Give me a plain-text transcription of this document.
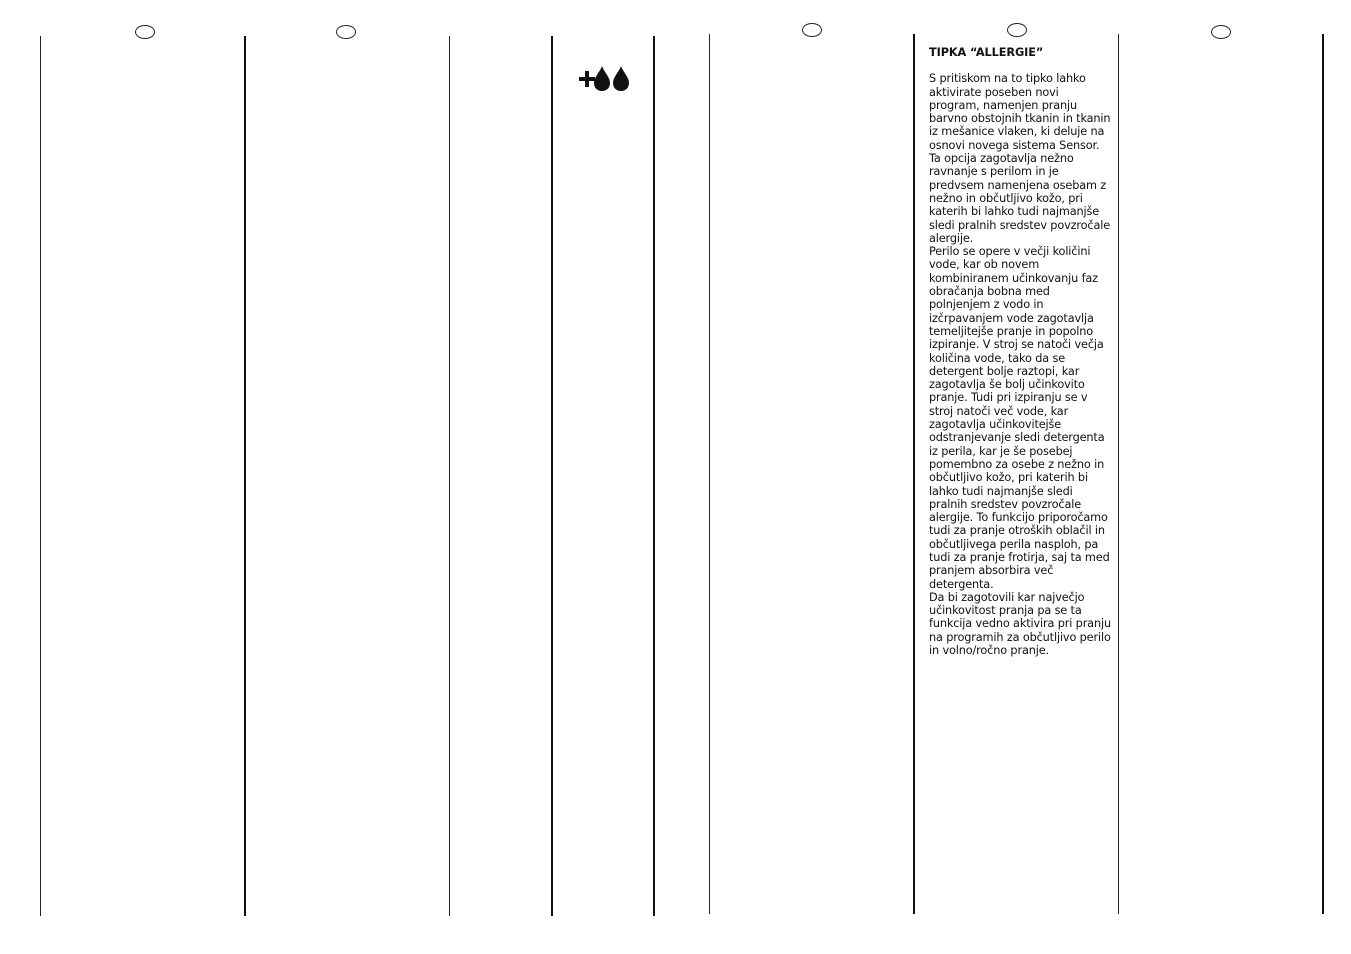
TIPKA “ALLERGIE”

S pritiskom na to tipko lahko aktivirate poseben novi program, namenjen pranju barvno obstojnih tkanin in tkanin iz mešanice vlaken, ki deluje na osnovi novega sistema Sensor. Ta opcija zagotavlja nežno ravnanje s perilom in je predvsem namenjena osebam z nežno in občutljivo kožo, pri katerih bi lahko tudi najmanjše sledi pralnih sredstev povzročale alergije.

Perilo se opere v večji količini vode, kar ob novem kombiniranem učinkovanju faz obračanja bobna med polnjenjem z vodo in izčrpavanjem vode zagotavlja temeljitejše pranje in popolno izpiranje. V stroj se natoči večja količina vode, tako da se detergent bolje raztopi, kar zagotavlja še bolj učinkovito pranje. Tudi pri izpiranju se v stroj natoči več vode, kar zagotavlja učinkovitejše odstranjevanje sledi detergenta iz perila, kar je še posebej pomembno za osebe z nežno in občutljivo kožo, pri katerih bi lahko tudi najmanjše sledi pralnih sredstev povzročale alergije. To funkcijo priporočamo tudi za pranje otroških oblačil in občutljivega perila nasploh, pa tudi za pranje frotirja, saj ta med pranjem absorbira več detergenta.

Da bi zagotovili kar največjo učinkovitost pranja pa se ta funkcija vedno aktivira pri pranju na programih za občutljivo perilo in volno/ročno pranje.
